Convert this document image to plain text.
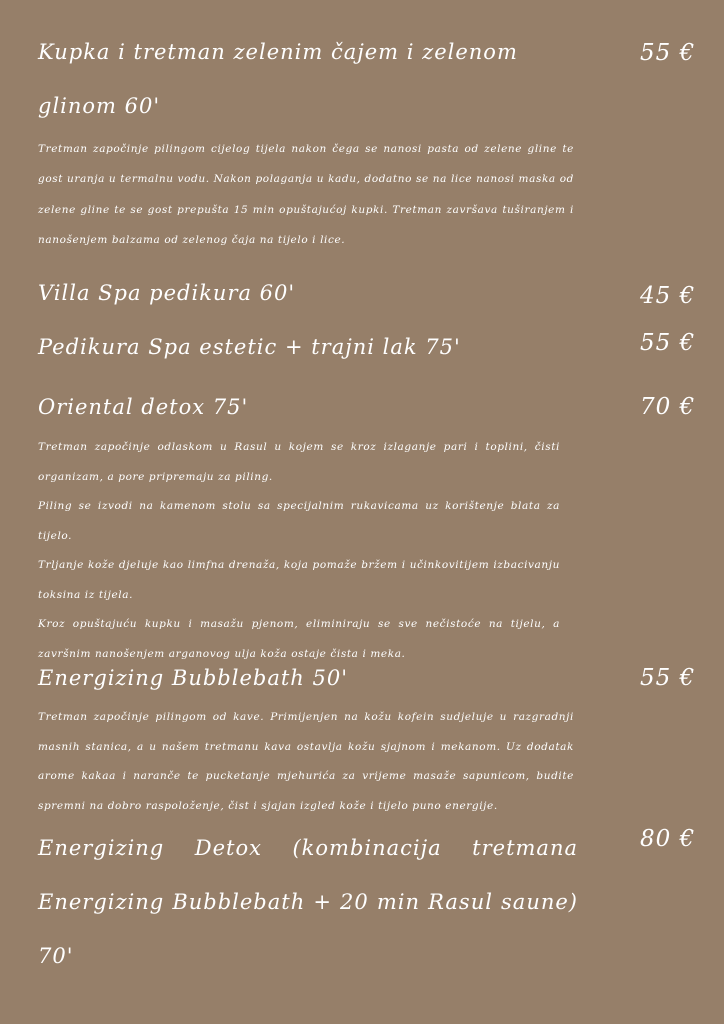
Kupka i tretman zelenim čajem i zelenom glinom 60'
55 €

Tretman započinje pilingom cijelog tijela nakon čega se nanosi pasta od zelene gline te gost uranja u termalnu vodu. Nakon polaganja u kadu, dodatno se na lice nanosi maska od zelene gline te se gost prepušta 15 min opuštajućoj kupki. Tretman završava tuširanjem i nanošenjem balzama od zelenog čaja na tijelo i lice.

Villa Spa pedikura 60'	45 €
Pedikura Spa estetic + trajni lak 75'	55 €
Oriental detox 75'	70 €

Tretman započinje odlaskom u Rasul u kojem se kroz izlaganje pari i toplini, čisti organizam, a pore pripremaju za piling.

Piling se izvodi na kamenom stolu sa specijalnim rukavicama uz korištenje blata za tijelo.

Trljanje kože djeluje kao limfna drenaža, koja pomaže bržem i učinkovitijem izbacivanju toksina iz tijela.

Kroz opuštajuću kupku i masažu pjenom, eliminiraju se sve nečistoće na tijelu, a završnim nanošenjem arganovog ulja koža ostaje čista i meka.

Energizing Bubblebath 50'	55 €

Tretman započinje pilingom od kave. Primijenjen na kožu kofein sudjeluje u razgradnji masnih stanica, a u našem tretmanu kava ostavlja kožu sjajnom i mekanom. Uz dodatak arome kakaa i naranče te pucketanje mjehurića za vrijeme masaže sapunicom, budite spremni na dobro raspoloženje, čist i sjajan izgled kože i tijelo puno energije.

Energizing Detox (kombinacija tretmana Energizing Bubblebath + 20 min Rasul saune) 70'
80 €
